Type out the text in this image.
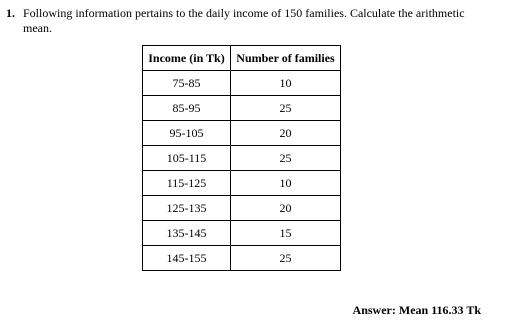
1. Following information pertains to the daily income of 150 families. Calculate the arithmetic mean.
Income (in Tk)	Number of families
75-85	10
85-95	25
95-105	20
105-115	25
115-125	10
125-135	20
135-145	15
145-155	25
Answer: Mean 116.33 Tk
